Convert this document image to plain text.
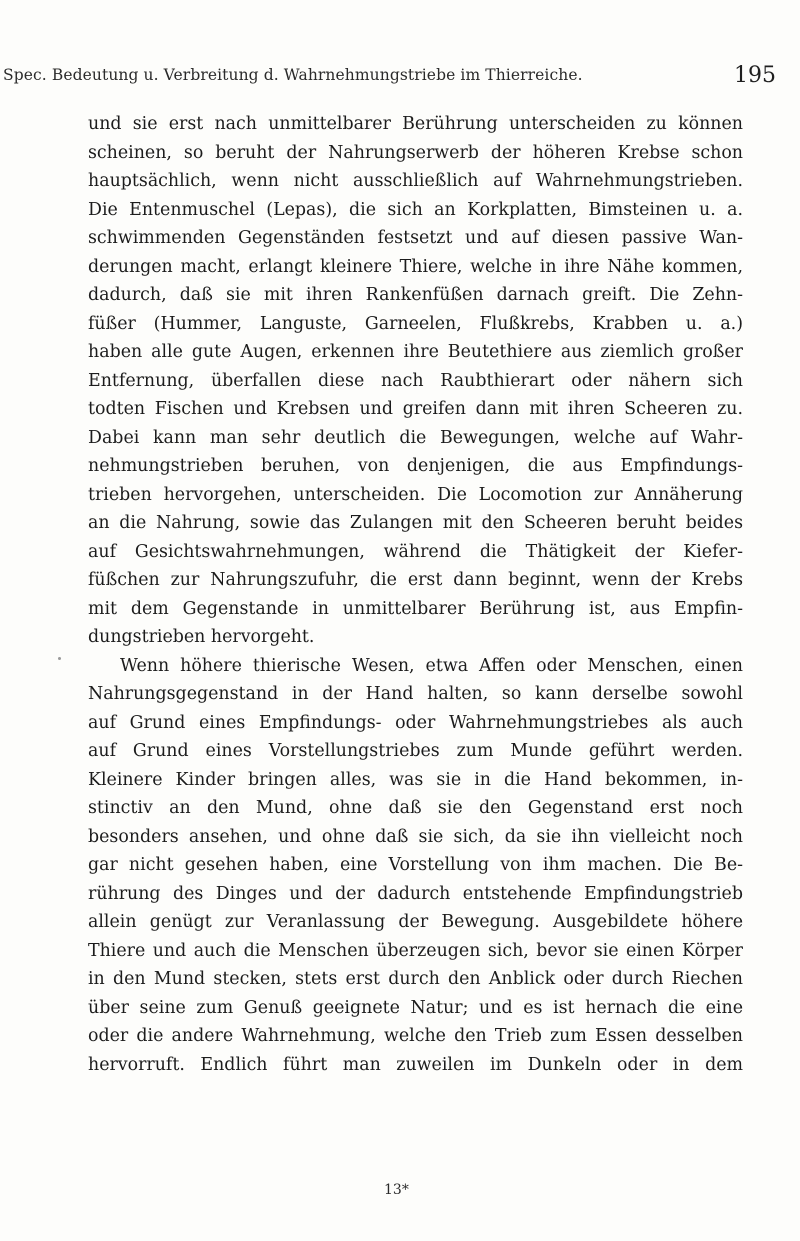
Spec. Bedeutung u. Verbreitung d. Wahrnehmungstriebe im Thierreiche.	195
und sie erst nach unmittelbarer Berührung unterscheiden zu können
scheinen, so beruht der Nahrungserwerb der höheren Krebse schon
hauptsächlich, wenn nicht ausschließlich auf Wahrnehmungstrieben.
Die Entenmuschel (Lepas), die sich an Korkplatten, Bimsteinen u. a.
schwimmenden Gegenständen festsetzt und auf diesen passive Wan-
derungen macht, erlangt kleinere Thiere, welche in ihre Nähe kommen,
dadurch, daß sie mit ihren Rankenfüßen darnach greift. Die Zehn-
füßer (Hummer, Languste, Garneelen, Flußkrebs, Krabben u. a.)
haben alle gute Augen, erkennen ihre Beutethiere aus ziemlich großer
Entfernung, überfallen diese nach Raubthierart oder nähern sich
todten Fischen und Krebsen und greifen dann mit ihren Scheeren zu.
Dabei kann man sehr deutlich die Bewegungen, welche auf Wahr-
nehmungstrieben beruhen, von denjenigen, die aus Empfindungs-
trieben hervorgehen, unterscheiden. Die Locomotion zur Annäherung
an die Nahrung, sowie das Zulangen mit den Scheeren beruht beides
auf Gesichtswahrnehmungen, während die Thätigkeit der Kiefer-
füßchen zur Nahrungszufuhr, die erst dann beginnt, wenn der Krebs
mit dem Gegenstande in unmittelbarer Berührung ist, aus Empfin-
dungstrieben hervorgeht.
Wenn höhere thierische Wesen, etwa Affen oder Menschen, einen
Nahrungsgegenstand in der Hand halten, so kann derselbe sowohl
auf Grund eines Empfindungs- oder Wahrnehmungstriebes als auch
auf Grund eines Vorstellungstriebes zum Munde geführt werden.
Kleinere Kinder bringen alles, was sie in die Hand bekommen, in-
stinctiv an den Mund, ohne daß sie den Gegenstand erst noch
besonders ansehen, und ohne daß sie sich, da sie ihn vielleicht noch
gar nicht gesehen haben, eine Vorstellung von ihm machen. Die Be-
rührung des Dinges und der dadurch entstehende Empfindungstrieb
allein genügt zur Veranlassung der Bewegung. Ausgebildete höhere
Thiere und auch die Menschen überzeugen sich, bevor sie einen Körper
in den Mund stecken, stets erst durch den Anblick oder durch Riechen
über seine zum Genuß geeignete Natur; und es ist hernach die eine
oder die andere Wahrnehmung, welche den Trieb zum Essen desselben
hervorruft. Endlich führt man zuweilen im Dunkeln oder in dem
13*
